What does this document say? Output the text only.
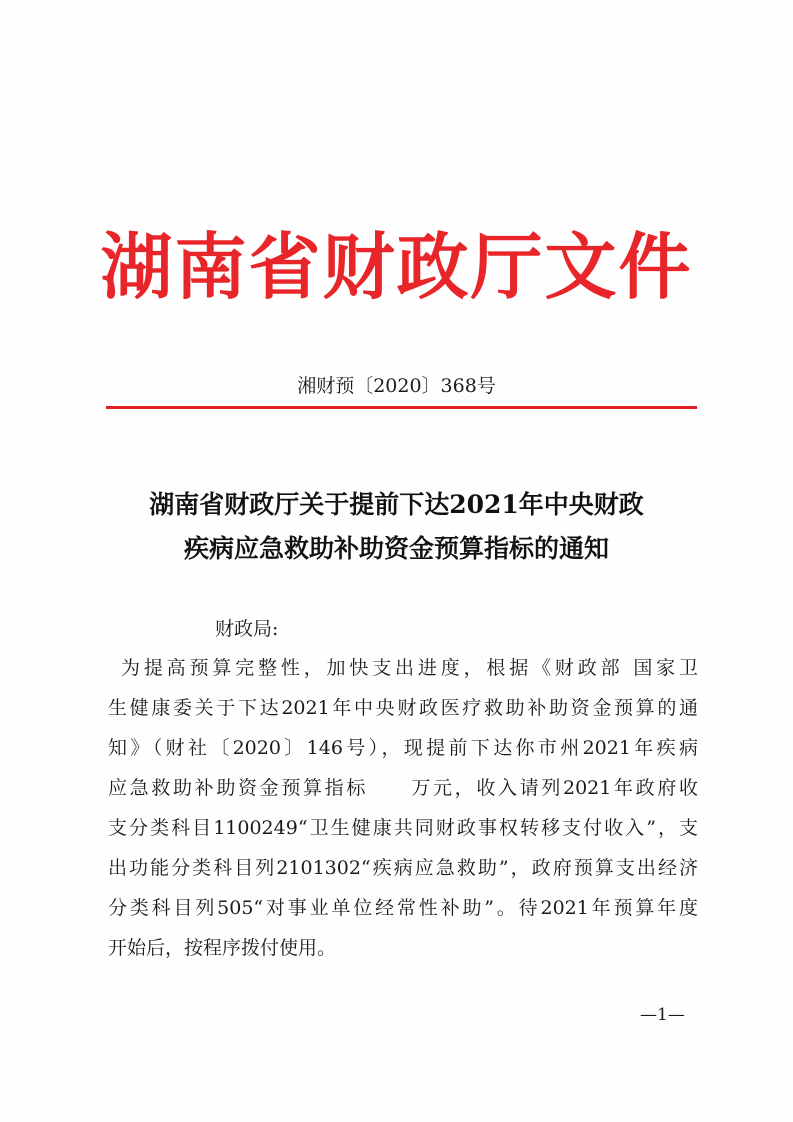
湖南省财政厅文件
湘财预〔2020〕368号
湖南省财政厅关于提前下达2021年中央财政
疾病应急救助补助资金预算指标的通知
财政局:
为提高预算完整性，加快支出进度，根据《财政部 国家卫
生健康委关于下达2021年中央财政医疗救助补助资金预算的通
知》（财社〔2020〕146号），现提前下达你市州2021年疾病
应急救助补助资金预算指标　　万元，收入请列2021年政府收
支分类科目1100249“卫生健康共同财政事权转移支付收入”，支
出功能分类科目列2101302“疾病应急救助”，政府预算支出经济
分类科目列505“对事业单位经常性补助”。待2021年预算年度
开始后，按程序拨付使用。
—1—
